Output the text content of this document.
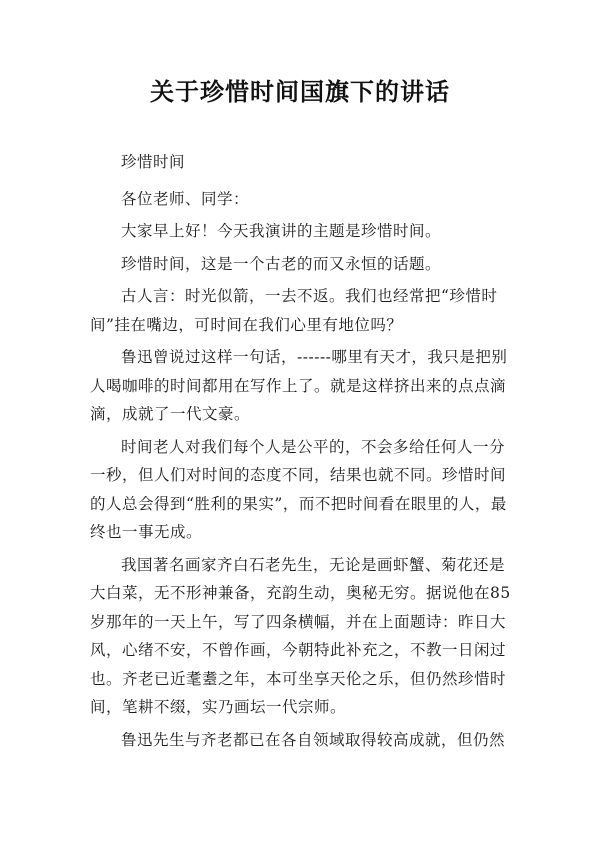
关于珍惜时间国旗下的讲话

珍惜时间

各位老师、同学：

大家早上好！今天我演讲的主题是珍惜时间。

珍惜时间，这是一个古老的而又永恒的话题。

古人言：时光似箭，一去不返。我们也经常把“珍惜时间”挂在嘴边，可时间在我们心里有地位吗？

鲁迅曾说过这样一句话，------哪里有天才，我只是把别人喝咖啡的时间都用在写作上了。就是这样挤出来的点点滴滴，成就了一代文豪。

时间老人对我们每个人是公平的，不会多给任何人一分一秒，但人们对时间的态度不同，结果也就不同。珍惜时间的人总会得到“胜利的果实”，而不把时间看在眼里的人，最终也一事无成。

我国著名画家齐白石老先生，无论是画虾蟹、菊花还是大白菜，无不形神兼备，充韵生动，奥秘无穷。据说他在85岁那年的一天上午，写了四条横幅，并在上面题诗：昨日大风，心绪不安，不曾作画，今朝特此补充之，不教一日闲过也。齐老已近耄耋之年，本可坐享天伦之乐，但仍然珍惜时间，笔耕不缀，实乃画坛一代宗师。

鲁迅先生与齐老都已在各自领域取得较高成就，但仍然
